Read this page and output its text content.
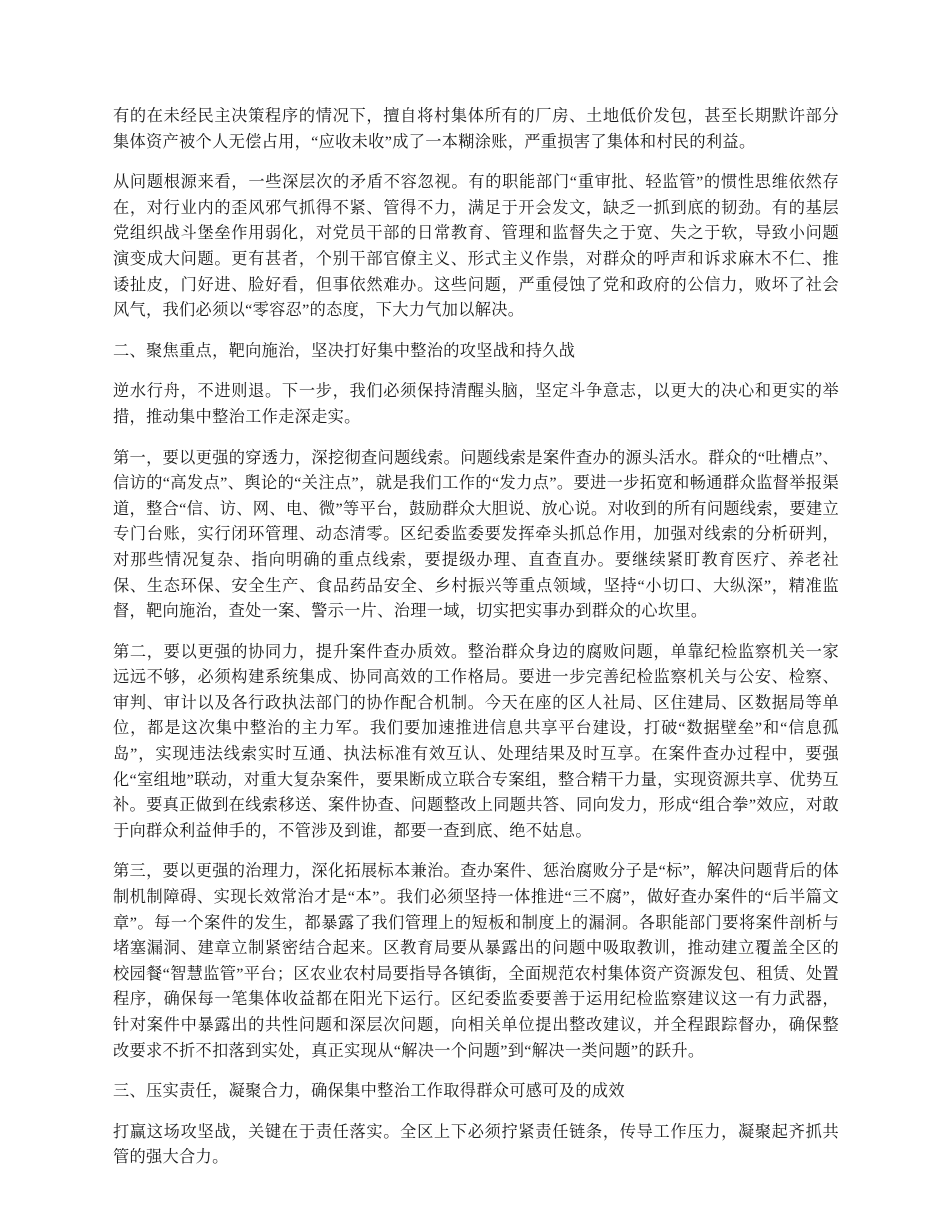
有的在未经民主决策程序的情况下，擅自将村集体所有的厂房、土地低价发包，甚至长期默许部分集体资产被个人无偿占用，“应收未收”成了一本糊涂账，严重损害了集体和村民的利益。

从问题根源来看，一些深层次的矛盾不容忽视。有的职能部门“重审批、轻监管”的惯性思维依然存在，对行业内的歪风邪气抓得不紧、管得不力，满足于开会发文，缺乏一抓到底的韧劲。有的基层党组织战斗堡垒作用弱化，对党员干部的日常教育、管理和监督失之于宽、失之于软，导致小问题演变成大问题。更有甚者，个别干部官僚主义、形式主义作祟，对群众的呼声和诉求麻木不仁、推诿扯皮，门好进、脸好看，但事依然难办。这些问题，严重侵蚀了党和政府的公信力，败坏了社会风气，我们必须以“零容忍”的态度，下大力气加以解决。

二、聚焦重点，靶向施治，坚决打好集中整治的攻坚战和持久战

逆水行舟，不进则退。下一步，我们必须保持清醒头脑，坚定斗争意志，以更大的决心和更实的举措，推动集中整治工作走深走实。

第一，要以更强的穿透力，深挖彻查问题线索。问题线索是案件查办的源头活水。群众的“吐槽点”、信访的“高发点”、舆论的“关注点”，就是我们工作的“发力点”。要进一步拓宽和畅通群众监督举报渠道，整合“信、访、网、电、微”等平台，鼓励群众大胆说、放心说。对收到的所有问题线索，要建立专门台账，实行闭环管理、动态清零。区纪委监委要发挥牵头抓总作用，加强对线索的分析研判，对那些情况复杂、指向明确的重点线索，要提级办理、直查直办。要继续紧盯教育医疗、养老社保、生态环保、安全生产、食品药品安全、乡村振兴等重点领域，坚持“小切口、大纵深”，精准监督，靶向施治，查处一案、警示一片、治理一域，切实把实事办到群众的心坎里。

第二，要以更强的协同力，提升案件查办质效。整治群众身边的腐败问题，单靠纪检监察机关一家远远不够，必须构建系统集成、协同高效的工作格局。要进一步完善纪检监察机关与公安、检察、审判、审计以及各行政执法部门的协作配合机制。今天在座的区人社局、区住建局、区数据局等单位，都是这次集中整治的主力军。我们要加速推进信息共享平台建设，打破“数据壁垒”和“信息孤岛”，实现违法线索实时互通、执法标准有效互认、处理结果及时互享。在案件查办过程中，要强化“室组地”联动，对重大复杂案件，要果断成立联合专案组，整合精干力量，实现资源共享、优势互补。要真正做到在线索移送、案件协查、问题整改上同题共答、同向发力，形成“组合拳”效应，对敢于向群众利益伸手的，不管涉及到谁，都要一查到底、绝不姑息。

第三，要以更强的治理力，深化拓展标本兼治。查办案件、惩治腐败分子是“标”，解决问题背后的体制机制障碍、实现长效常治才是“本”。我们必须坚持一体推进“三不腐”，做好查办案件的“后半篇文章”。每一个案件的发生，都暴露了我们管理上的短板和制度上的漏洞。各职能部门要将案件剖析与堵塞漏洞、建章立制紧密结合起来。区教育局要从暴露出的问题中吸取教训，推动建立覆盖全区的校园餐“智慧监管”平台；区农业农村局要指导各镇街，全面规范农村集体资产资源发包、租赁、处置程序，确保每一笔集体收益都在阳光下运行。区纪委监委要善于运用纪检监察建议这一有力武器，针对案件中暴露出的共性问题和深层次问题，向相关单位提出整改建议，并全程跟踪督办，确保整改要求不折不扣落到实处，真正实现从“解决一个问题”到“解决一类问题”的跃升。

三、压实责任，凝聚合力，确保集中整治工作取得群众可感可及的成效

打赢这场攻坚战，关键在于责任落实。全区上下必须拧紧责任链条，传导工作压力，凝聚起齐抓共管的强大合力。
